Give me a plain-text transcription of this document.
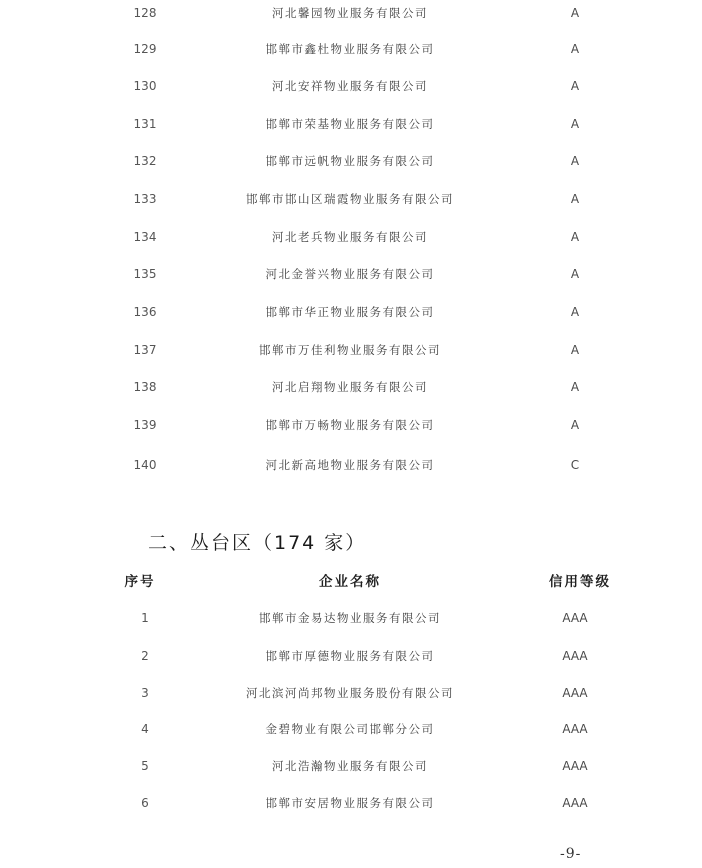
128	河北馨园物业服务有限公司	A
129	邯郸市鑫杜物业服务有限公司	A
130	河北安祥物业服务有限公司	A
131	邯郸市荣基物业服务有限公司	A
132	邯郸市远帆物业服务有限公司	A
133	邯郸市邯山区瑞霞物业服务有限公司	A
134	河北老兵物业服务有限公司	A
135	河北金誉兴物业服务有限公司	A
136	邯郸市华正物业服务有限公司	A
137	邯郸市万佳利物业服务有限公司	A
138	河北启翔物业服务有限公司	A
139	邯郸市万畅物业服务有限公司	A
140	河北新高地物业服务有限公司	C
二、丛台区（174 家）
序号	企业名称	信用等级
1	邯郸市金易达物业服务有限公司	AAA
2	邯郸市厚德物业服务有限公司	AAA
3	河北滨河尚邦物业服务股份有限公司	AAA
4	金碧物业有限公司邯郸分公司	AAA
5	河北浩瀚物业服务有限公司	AAA
6	邯郸市安居物业服务有限公司	AAA
-9-
